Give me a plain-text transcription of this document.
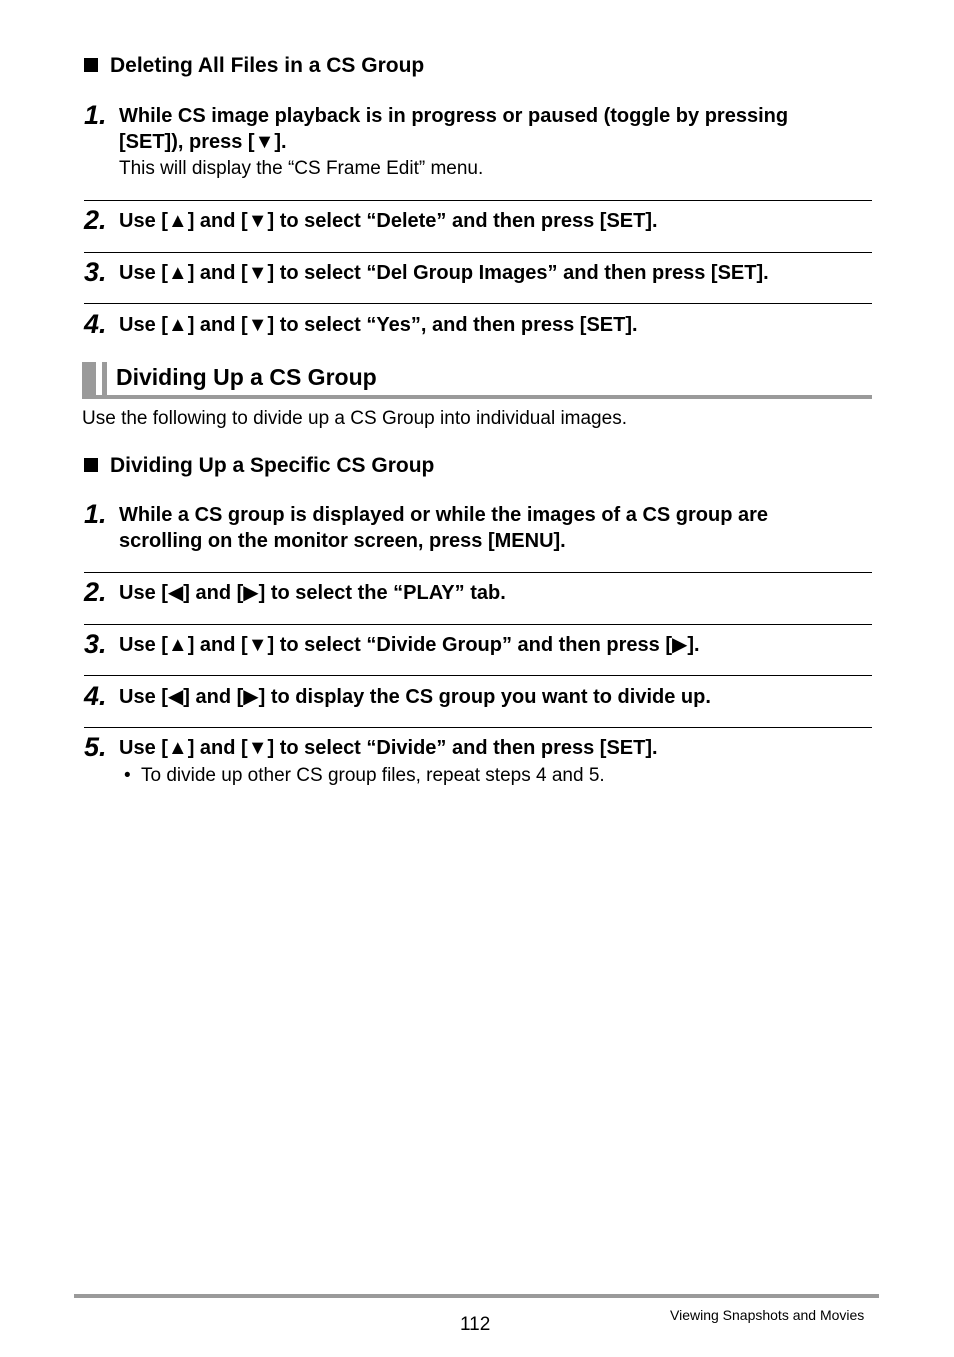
Deleting All Files in a CS Group
1. While CS image playback is in progress or paused (toggle by pressing
[SET]), press [▼].
This will display the “CS Frame Edit” menu.
2. Use [▲] and [▼] to select “Delete” and then press [SET].
3. Use [▲] and [▼] to select “Del Group Images” and then press [SET].
4. Use [▲] and [▼] to select “Yes”, and then press [SET].
Dividing Up a CS Group
Use the following to divide up a CS Group into individual images.
Dividing Up a Specific CS Group
1. While a CS group is displayed or while the images of a CS group are
scrolling on the monitor screen, press [MENU].
2. Use [◀] and [▶] to select the “PLAY” tab.
3. Use [▲] and [▼] to select “Divide Group” and then press [▶].
4. Use [◀] and [▶] to display the CS group you want to divide up.
5. Use [▲] and [▼] to select “Divide” and then press [SET].
• To divide up other CS group files, repeat steps 4 and 5.
112	Viewing Snapshots and Movies
